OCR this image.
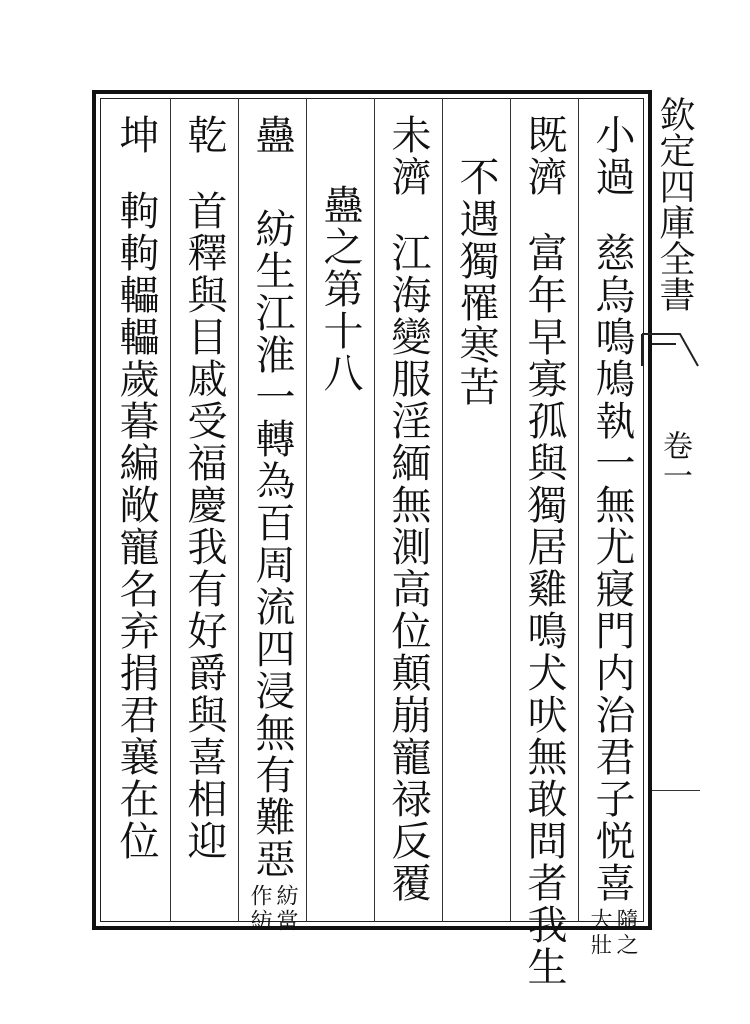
小過
慈烏鳴鳩執一無尤寢門内治君子悦喜
隨之
大壯
既濟
富年早寡孤與獨居雞鳴犬吠無敢問者我生
不遇獨罹寒苦
未濟
江海變服淫緬無測高位顛崩寵禄反覆
蠱之第十八
蠱
紡生江淮一轉為百周流四浸無有難惡
紡當
作紡
乾
首釋與目戚受福慶我有好爵與喜相迎
坤
軥軥轠轠歲暮編敞寵名弃捐君襄在位	欽定四庫全書
卷一
